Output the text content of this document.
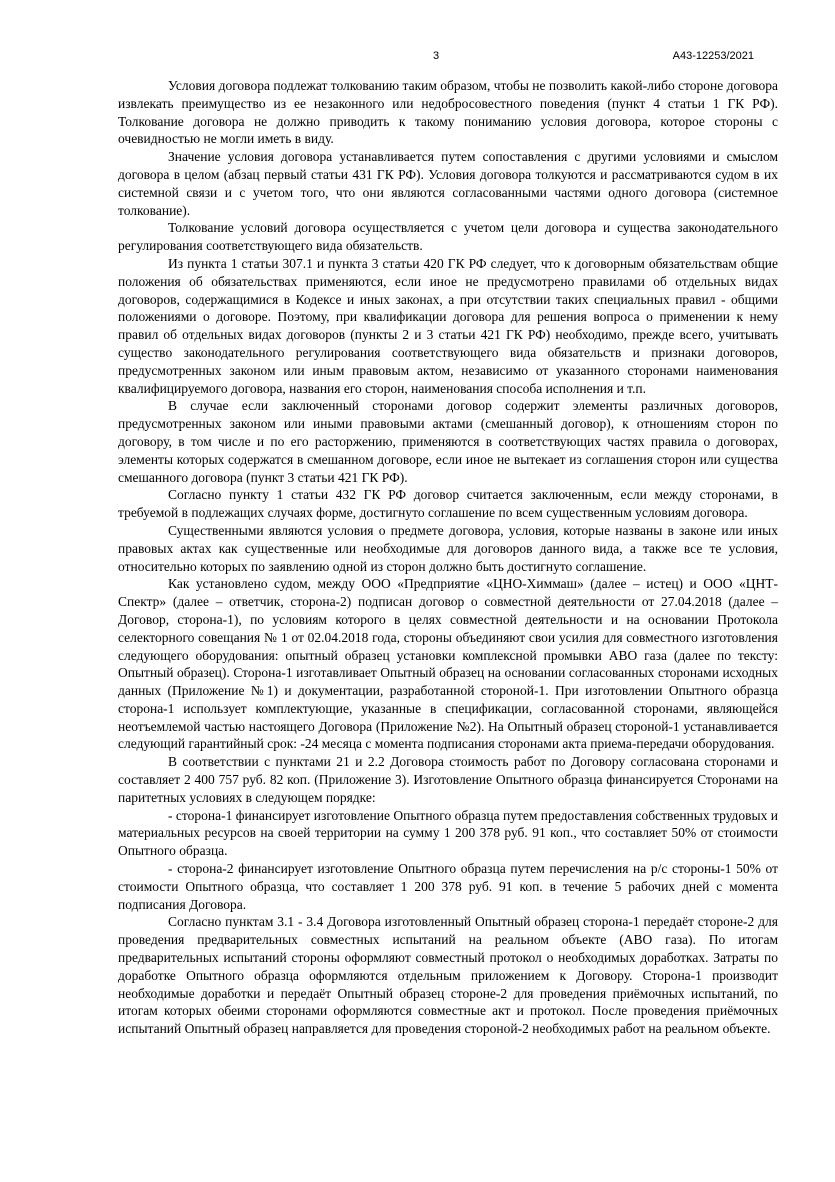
3	А43-12253/2021

Условия договора подлежат толкованию таким образом, чтобы не позволить какой-либо стороне договора извлекать преимущество из ее незаконного или недобросовестного поведения (пункт 4 статьи 1 ГК РФ). Толкование договора не должно приводить к такому пониманию условия договора, которое стороны с очевидностью не могли иметь в виду.

Значение условия договора устанавливается путем сопоставления с другими условиями и смыслом договора в целом (абзац первый статьи 431 ГК РФ). Условия договора толкуются и рассматриваются судом в их системной связи и с учетом того, что они являются согласованными частями одного договора (системное толкование).

Толкование условий договора осуществляется с учетом цели договора и существа законодательного регулирования соответствующего вида обязательств.

Из пункта 1 статьи 307.1 и пункта 3 статьи 420 ГК РФ следует, что к договорным обязательствам общие положения об обязательствах применяются, если иное не предусмотрено правилами об отдельных видах договоров, содержащимися в Кодексе и иных законах, а при отсутствии таких специальных правил - общими положениями о договоре. Поэтому, при квалификации договора для решения вопроса о применении к нему правил об отдельных видах договоров (пункты 2 и 3 статьи 421 ГК РФ) необходимо, прежде всего, учитывать существо законодательного регулирования соответствующего вида обязательств и признаки договоров, предусмотренных законом или иным правовым актом, независимо от указанного сторонами наименования квалифицируемого договора, названия его сторон, наименования способа исполнения и т.п.

В случае если заключенный сторонами договор содержит элементы различных договоров, предусмотренных законом или иными правовыми актами (смешанный договор), к отношениям сторон по договору, в том числе и по его расторжению, применяются в соответствующих частях правила о договорах, элементы которых содержатся в смешанном договоре, если иное не вытекает из соглашения сторон или существа смешанного договора (пункт 3 статьи 421 ГК РФ).

Согласно пункту 1 статьи 432 ГК РФ договор считается заключенным, если между сторонами, в требуемой в подлежащих случаях форме, достигнуто соглашение по всем существенным условиям договора.

Существенными являются условия о предмете договора, условия, которые названы в законе или иных правовых актах как существенные или необходимые для договоров данного вида, а также все те условия, относительно которых по заявлению одной из сторон должно быть достигнуто соглашение.

Как установлено судом, между ООО «Предприятие «ЦНО-Химмаш» (далее – истец) и ООО «ЦНТ-Спектр» (далее – ответчик, сторона-2) подписан договор о совместной деятельности от 27.04.2018 (далее – Договор, сторона-1), по условиям которого в целях совместной деятельности и на основании Протокола селекторного совещания № 1 от 02.04.2018 года, стороны объединяют свои усилия для совместного изготовления следующего оборудования: опытный образец установки комплексной промывки АВО газа (далее по тексту: Опытный образец). Сторона-1 изготавливает Опытный образец на основании согласованных сторонами исходных данных (Приложение №1) и документации, разработанной стороной-1. При изготовлении Опытного образца сторона-1 использует комплектующие, указанные в спецификации, согласованной сторонами, являющейся неотъемлемой частью настоящего Договора (Приложение №2). На Опытный образец стороной-1 устанавливается следующий гарантийный срок: -24 месяца с момента подписания сторонами акта приема-передачи оборудования.

В соответствии с пунктами 21 и 2.2 Договора стоимость работ по Договору согласована сторонами и составляет 2 400 757 руб. 82 коп. (Приложение 3). Изготовление Опытного образца финансируется Сторонами на паритетных условиях в следующем порядке:

- сторона-1 финансирует изготовление Опытного образца путем предоставления собственных трудовых и материальных ресурсов на своей территории на сумму 1 200 378 руб. 91 коп., что составляет 50% от стоимости Опытного образца.

- сторона-2 финансирует изготовление Опытного образца путем перечисления на р/с стороны-1 50% от стоимости Опытного образца, что составляет 1 200 378 руб. 91 коп. в течение 5 рабочих дней с момента подписания Договора.

Согласно пунктам 3.1 - 3.4 Договора изготовленный Опытный образец сторона-1 передаёт стороне-2 для проведения предварительных совместных испытаний на реальном объекте (АВО газа). По итогам предварительных испытаний стороны оформляют совместный протокол о необходимых доработках. Затраты по доработке Опытного образца оформляются отдельным приложением к Договору. Сторона-1 производит необходимые доработки и передаёт Опытный образец стороне-2 для проведения приёмочных испытаний, по итогам которых обеими сторонами оформляются совместные акт и протокол. После проведения приёмочных испытаний Опытный образец направляется для проведения стороной-2 необходимых работ на реальном объекте.
